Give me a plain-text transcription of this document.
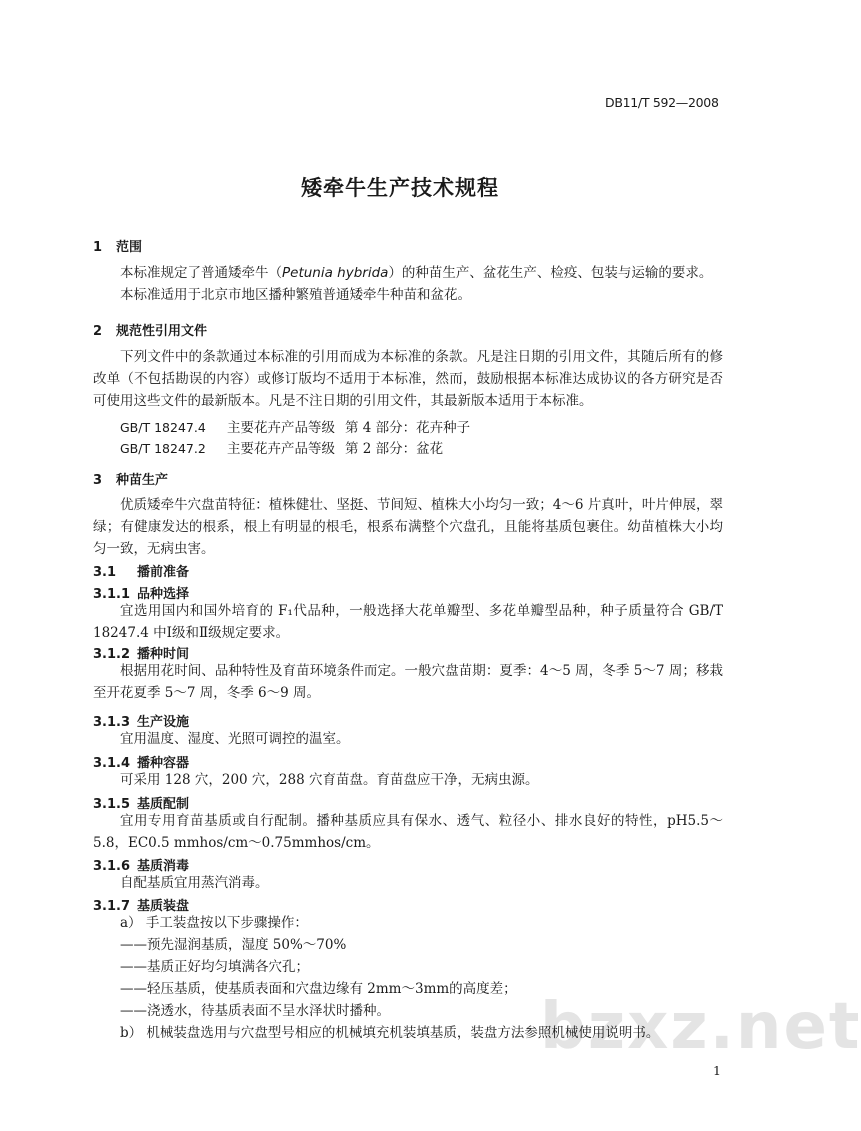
DB11/T 592—2008
矮牵牛生产技术规程
1 范围
本标准规定了普通矮牵牛（Petunia hybrida）的种苗生产、盆花生产、检疫、包装与运输的要求。
本标准适用于北京市地区播种繁殖普通矮牵牛种苗和盆花。
2 规范性引用文件
下列文件中的条款通过本标准的引用而成为本标准的条款。凡是注日期的引用文件，其随后所有的修改单（不包括勘误的内容）或修订版均不适用于本标准，然而，鼓励根据本标准达成协议的各方研究是否可使用这些文件的最新版本。凡是不注日期的引用文件，其最新版本适用于本标准。
GB/T 18247.4 主要花卉产品等级 第 4 部分：花卉种子
GB/T 18247.2 主要花卉产品等级 第 2 部分：盆花
3 种苗生产
优质矮牵牛穴盘苗特征：植株健壮、坚挺、节间短、植株大小均匀一致；4～6 片真叶，叶片伸展，翠绿；有健康发达的根系，根上有明显的根毛，根系布满整个穴盘孔，且能将基质包裹住。幼苗植株大小均匀一致，无病虫害。
3.1 播前准备
3.1.1 品种选择
宜选用国内和国外培育的 F₁代品种，一般选择大花单瓣型、多花单瓣型品种，种子质量符合 GB/T 18247.4 中Ⅰ级和Ⅱ级规定要求。
3.1.2 播种时间
根据用花时间、品种特性及育苗环境条件而定。一般穴盘苗期：夏季：4～5 周，冬季 5～7 周；移栽至开花夏季 5～7 周，冬季 6～9 周。
3.1.3 生产设施
宜用温度、湿度、光照可调控的温室。
3.1.4 播种容器
可采用 128 穴，200 穴，288 穴育苗盘。育苗盘应干净，无病虫源。
3.1.5 基质配制
宜用专用育苗基质或自行配制。播种基质应具有保水、透气、粒径小、排水良好的特性，pH5.5～5.8，EC0.5 mmhos/cm～0.75mmhos/cm。
3.1.6 基质消毒
自配基质宜用蒸汽消毒。
3.1.7 基质装盘
a） 手工装盘按以下步骤操作：
——预先湿润基质，湿度 50%～70%
——基质正好均匀填满各穴孔；
——轻压基质，使基质表面和穴盘边缘有 2mm～3mm的高度差；
——浇透水，待基质表面不呈水泽状时播种。 bzxz.net
b） 机械装盘选用与穴盘型号相应的机械填充机装填基质，装盘方法参照机械使用说明书。
1
